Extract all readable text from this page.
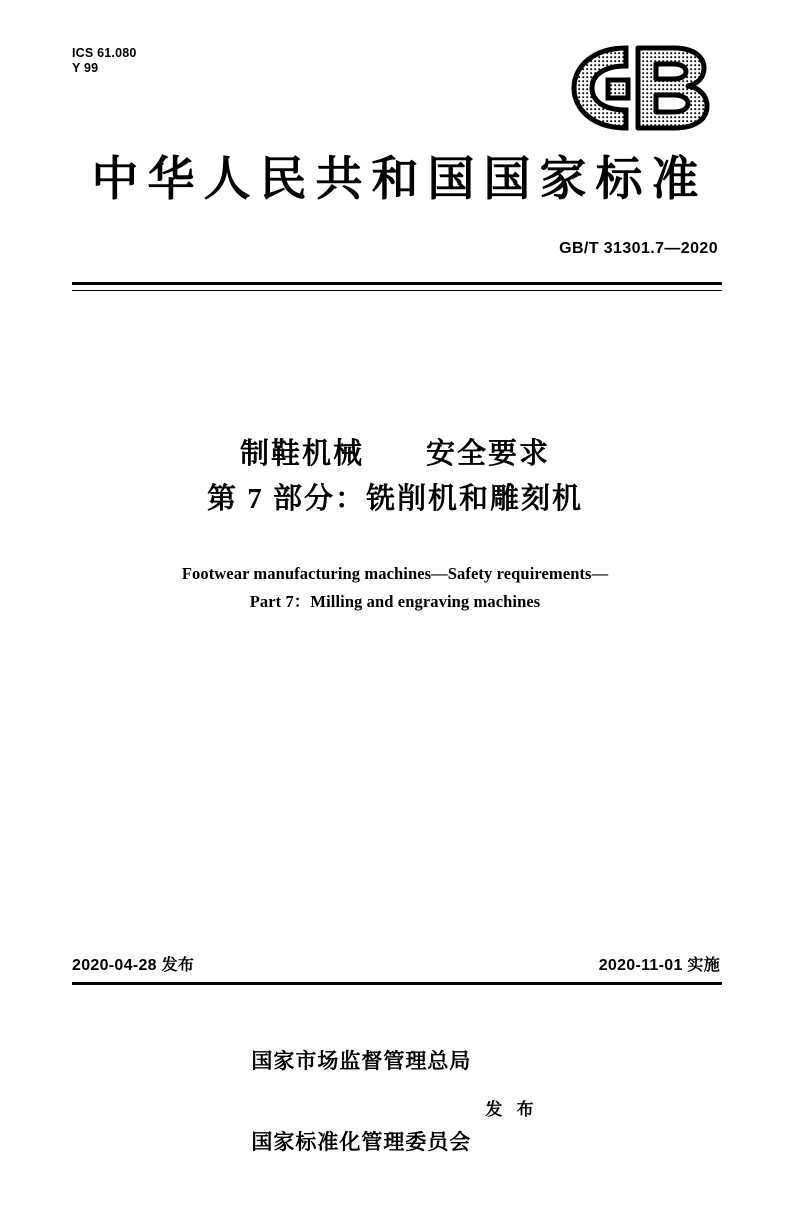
ICS 61.080
Y 99
中华人民共和国国家标准
GB/T 31301.7—2020
制鞋机械　　安全要求
第 7 部分：铣削机和雕刻机
Footwear manufacturing machines—Safety requirements—
Part 7：Milling and engraving machines
2020-04-28 发布	2020-11-01 实施

国家市场监督管理总局

国家标准化管理委员会

发 布
